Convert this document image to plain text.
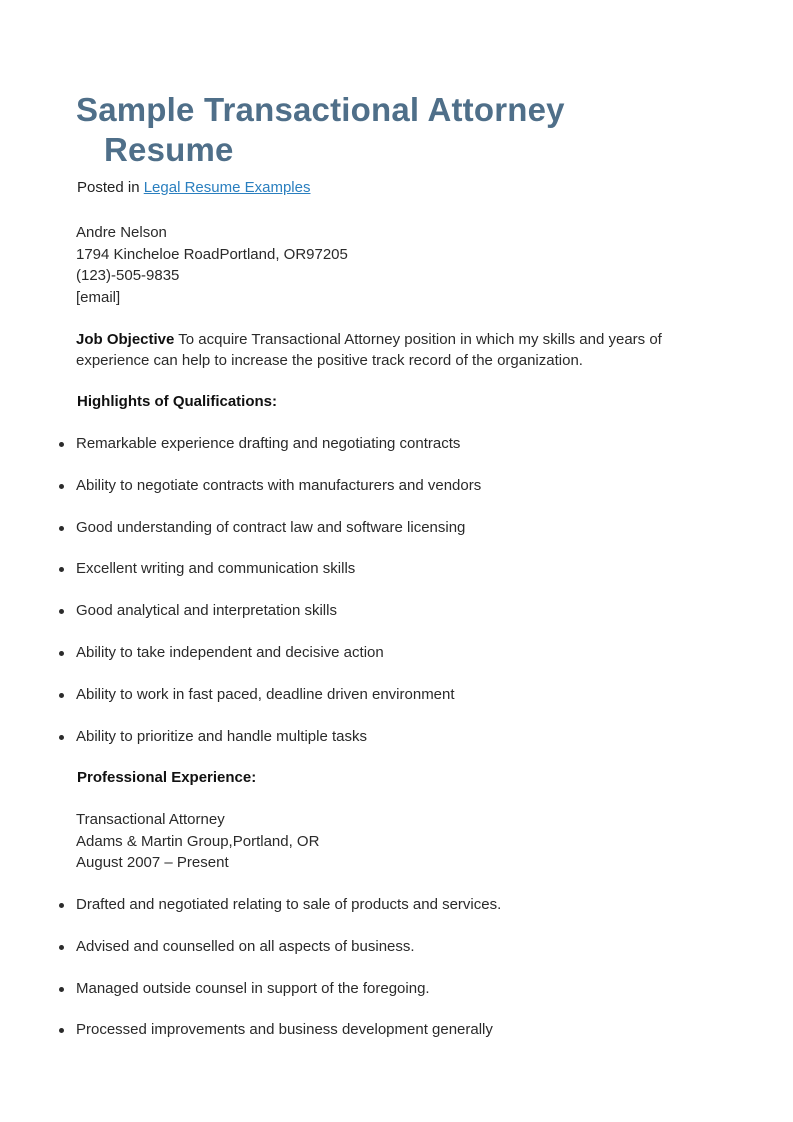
Sample Transactional Attorney
Resume
Posted in Legal Resume Examples
Andre Nelson
1794 Kincheloe RoadPortland, OR97205
(123)-505-9835
[email]
Job Objective To acquire Transactional Attorney position in which my skills and years of experience can help to increase the positive track record of the organization.
Highlights of Qualifications:
Remarkable experience drafting and negotiating contracts
Ability to negotiate contracts with manufacturers and vendors
Good understanding of contract law and software licensing
Excellent writing and communication skills
Good analytical and interpretation skills
Ability to take independent and decisive action
Ability to work in fast paced, deadline driven environment
Ability to prioritize and handle multiple tasks
Professional Experience:
Transactional Attorney
Adams & Martin Group,Portland, OR
August 2007 – Present
Drafted and negotiated relating to sale of products and services.
Advised and counselled on all aspects of business.
Managed outside counsel in support of the foregoing.
Processed improvements and business development generally
